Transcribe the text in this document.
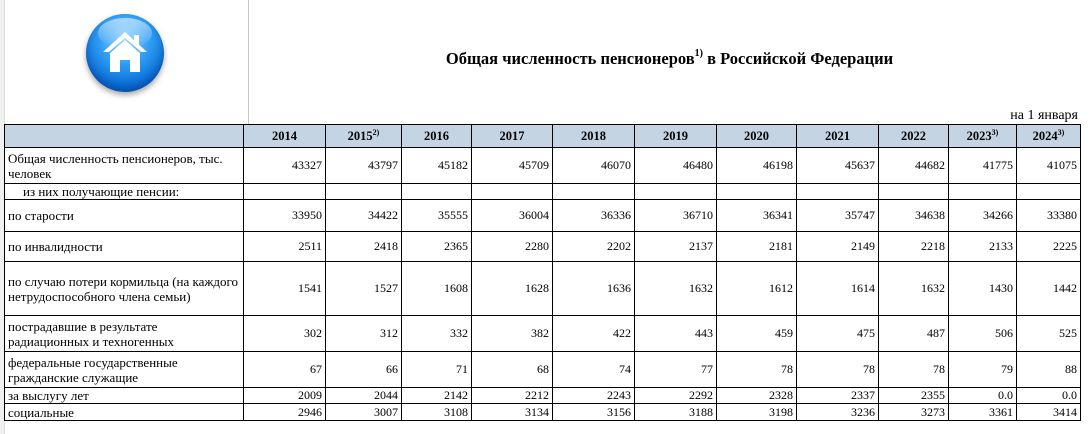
Общая численность пенсионеров$^{1)}$ в Российской Федерации
на 1 января
	2014	2015$^{2)}$	2016	2017	2018	2019	2020	2021	2022	2023$^{3)}$	2024$^{3)}$
Общая численность пенсионеров, тыс. человек	43327	43797	45182	45709	46070	46480	46198	45637	44682	41775	41075
из них получающие пенсии:											
по старости	33950	34422	35555	36004	36336	36710	36341	35747	34638	34266	33380
по инвалидности	2511	2418	2365	2280	2202	2137	2181	2149	2218	2133	2225
по случаю потери кормильца (на каждого нетрудоспособного члена семьи)	1541	1527	1608	1628	1636	1632	1612	1614	1632	1430	1442
пострадавшие в результате радиационных и техногенных	302	312	332	382	422	443	459	475	487	506	525
федеральные государственные гражданские служащие	67	66	71	68	74	77	78	78	78	79	88
за выслугу лет	2009	2044	2142	2212	2243	2292	2328	2337	2355	0.0	0.0
социальные	2946	3007	3108	3134	3156	3188	3198	3236	3273	3361	3414
